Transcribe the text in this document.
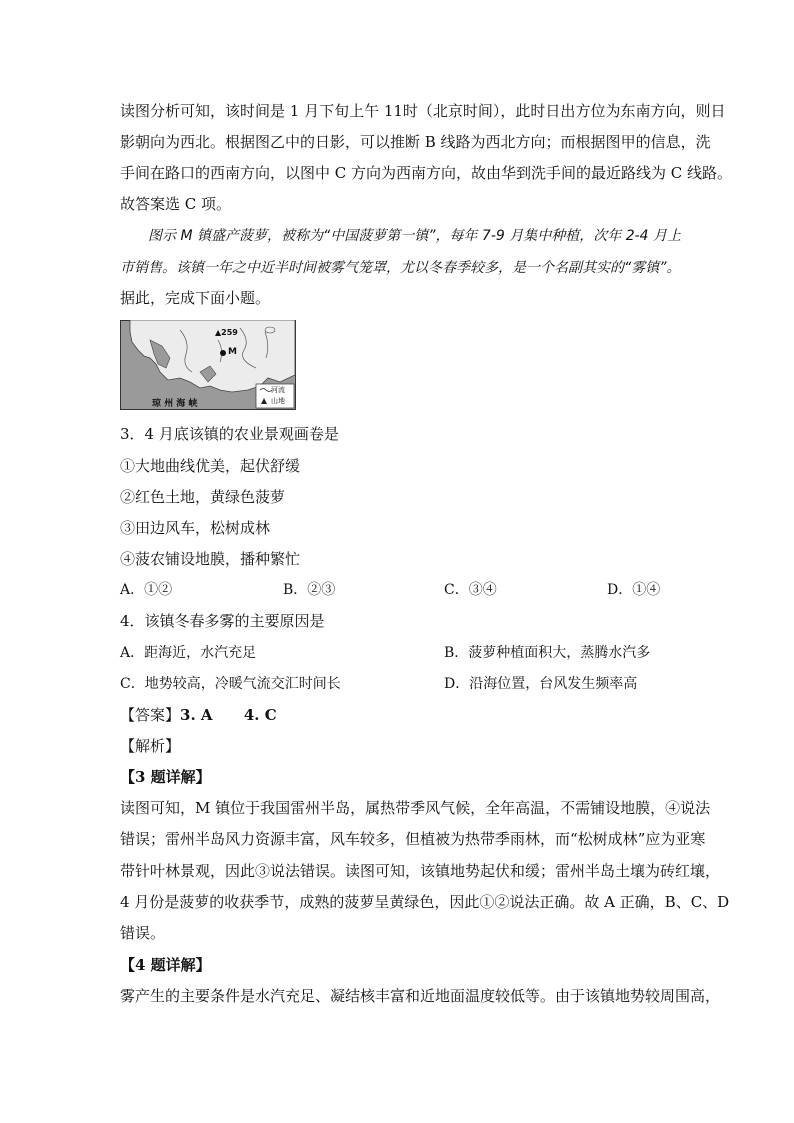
读图分析可知，该时间是 1 月下旬上午 11时（北京时间），此时日出方位为东南方向，则日
影朝向为西北。根据图乙中的日影，可以推断 B 线路为西北方向；而根据图甲的信息，洗
手间在路口的西南方向，以图中 C 方向为西南方向，故由华到洗手间的最近路线为 C 线路。
故答案选 C 项。
图示 M 镇盛产菠萝，被称为“中国菠萝第一镇”，每年 7-9 月集中种植，次年 2-4 月上
市销售。该镇一年之中近半时间被雾气笼罩，尤以冬春季较多，是一个名副其实的“雾镇”。
据此，完成下面小题。
▲259
M
琼 州 海 峡
河流
山地
3．4 月底该镇的农业景观画卷是
①大地曲线优美，起伏舒缓
②红色土地，黄绿色菠萝
③田边风车，松树成林
④菠农铺设地膜，播种繁忙
A．①②	B．②③	C．③④	D．①④
4．该镇冬春多雾的主要原因是
A．距海近，水汽充足	B．菠萝种植面积大，蒸腾水汽多
C．地势较高，冷暖气流交汇时间长	D．沿海位置，台风发生频率高
【答案】3. A      4. C
【解析】
【3 题详解】
读图可知，M 镇位于我国雷州半岛，属热带季风气候，全年高温，不需铺设地膜，④说法
错误；雷州半岛风力资源丰富，风车较多，但植被为热带季雨林，而“松树成林”应为亚寒
带针叶林景观，因此③说法错误。读图可知，该镇地势起伏和缓；雷州半岛土壤为砖红壤，
4 月份是菠萝的收获季节，成熟的菠萝呈黄绿色，因此①②说法正确。故 A 正确，B、C、D
错误。
【4 题详解】
雾产生的主要条件是水汽充足、凝结核丰富和近地面温度较低等。由于该镇地势较周围高，
